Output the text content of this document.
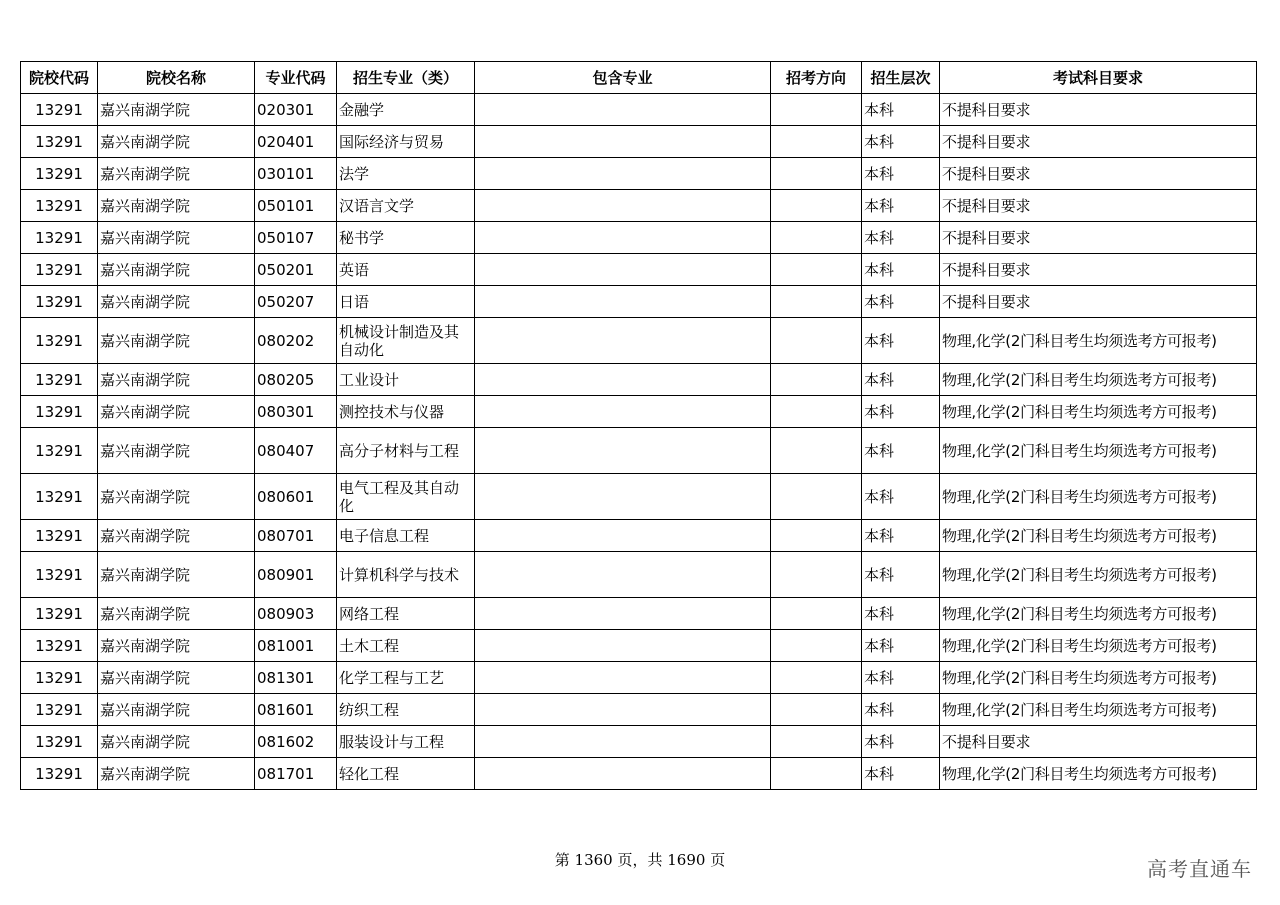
院校代码	院校名称	专业代码	招生专业（类）	包含专业	招考方向	招生层次	考试科目要求
13291	嘉兴南湖学院	020301	金融学			本科	不提科目要求
13291	嘉兴南湖学院	020401	国际经济与贸易			本科	不提科目要求
13291	嘉兴南湖学院	030101	法学			本科	不提科目要求
13291	嘉兴南湖学院	050101	汉语言文学			本科	不提科目要求
13291	嘉兴南湖学院	050107	秘书学			本科	不提科目要求
13291	嘉兴南湖学院	050201	英语			本科	不提科目要求
13291	嘉兴南湖学院	050207	日语			本科	不提科目要求
13291	嘉兴南湖学院	080202	机械设计制造及其自动化			本科	物理,化学(2门科目考生均须选考方可报考)
13291	嘉兴南湖学院	080205	工业设计			本科	物理,化学(2门科目考生均须选考方可报考)
13291	嘉兴南湖学院	080301	测控技术与仪器			本科	物理,化学(2门科目考生均须选考方可报考)
13291	嘉兴南湖学院	080407	高分子材料与工程			本科	物理,化学(2门科目考生均须选考方可报考)
13291	嘉兴南湖学院	080601	电气工程及其自动化			本科	物理,化学(2门科目考生均须选考方可报考)
13291	嘉兴南湖学院	080701	电子信息工程			本科	物理,化学(2门科目考生均须选考方可报考)
13291	嘉兴南湖学院	080901	计算机科学与技术			本科	物理,化学(2门科目考生均须选考方可报考)
13291	嘉兴南湖学院	080903	网络工程			本科	物理,化学(2门科目考生均须选考方可报考)
13291	嘉兴南湖学院	081001	土木工程			本科	物理,化学(2门科目考生均须选考方可报考)
13291	嘉兴南湖学院	081301	化学工程与工艺			本科	物理,化学(2门科目考生均须选考方可报考)
13291	嘉兴南湖学院	081601	纺织工程			本科	物理,化学(2门科目考生均须选考方可报考)
13291	嘉兴南湖学院	081602	服装设计与工程			本科	不提科目要求
13291	嘉兴南湖学院	081701	轻化工程			本科	物理,化学(2门科目考生均须选考方可报考)
第 1360 页，共 1690 页	高考直通车
